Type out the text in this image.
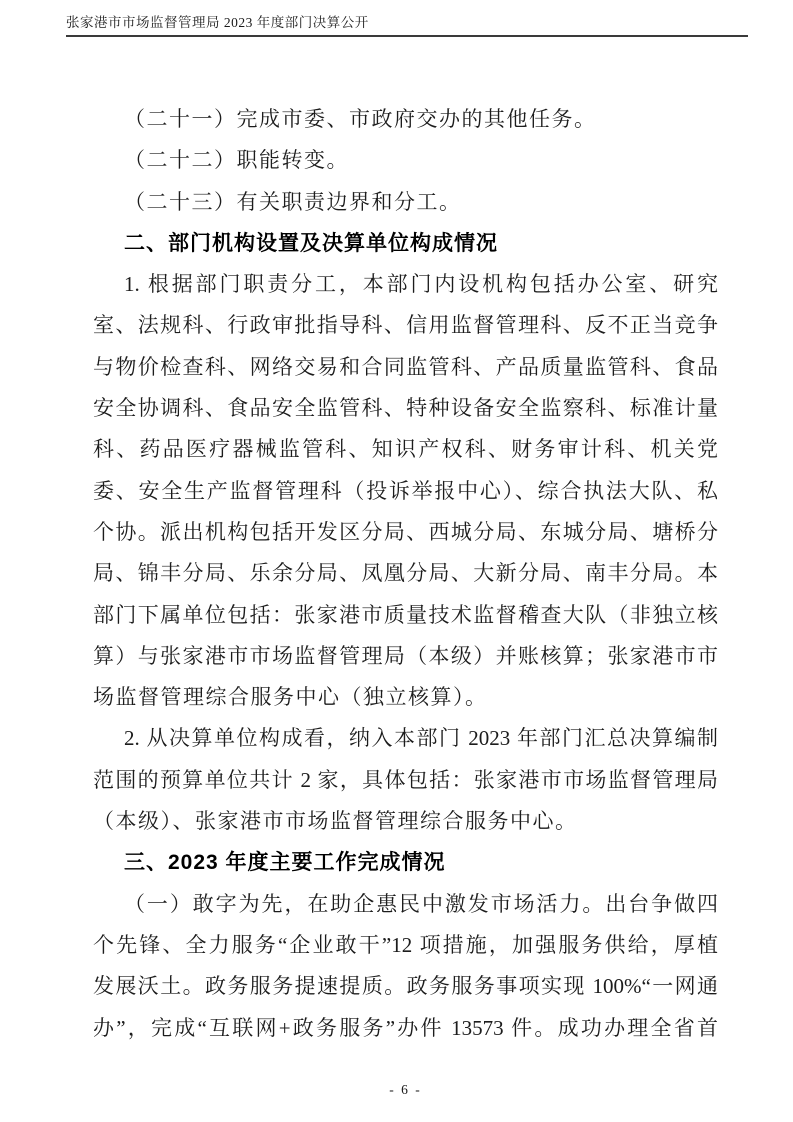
张家港市市场监督管理局 2023 年度部门决算公开
（二十一）完成市委、市政府交办的其他任务。
（二十二）职能转变。
（二十三）有关职责边界和分工。
二、部门机构设置及决算单位构成情况
1. 根据部门职责分工，本部门内设机构包括办公室、研究
室、法规科、行政审批指导科、信用监督管理科、反不正当竞争
与物价检查科、网络交易和合同监管科、产品质量监管科、食品
安全协调科、食品安全监管科、特种设备安全监察科、标准计量
科、药品医疗器械监管科、知识产权科、财务审计科、机关党
委、安全生产监督管理科（投诉举报中心）、综合执法大队、私
个协。派出机构包括开发区分局、西城分局、东城分局、塘桥分
局、锦丰分局、乐余分局、凤凰分局、大新分局、南丰分局。本
部门下属单位包括：张家港市质量技术监督稽查大队（非独立核
算）与张家港市市场监督管理局（本级）并账核算；张家港市市
场监督管理综合服务中心（独立核算）。
2. 从决算单位构成看，纳入本部门 2023 年部门汇总决算编制
范围的预算单位共计 2 家，具体包括：张家港市市场监督管理局
（本级）、张家港市市场监督管理综合服务中心。
三、2023 年度主要工作完成情况
（一）敢字为先，在助企惠民中激发市场活力。出台争做四
个先锋、全力服务“企业敢干”12 项措施，加强服务供给，厚植
发展沃土。政务服务提速提质。政务服务事项实现 100%“一网通
办”，完成“互联网+政务服务”办件 13573 件。成功办理全省首
- 6 -
